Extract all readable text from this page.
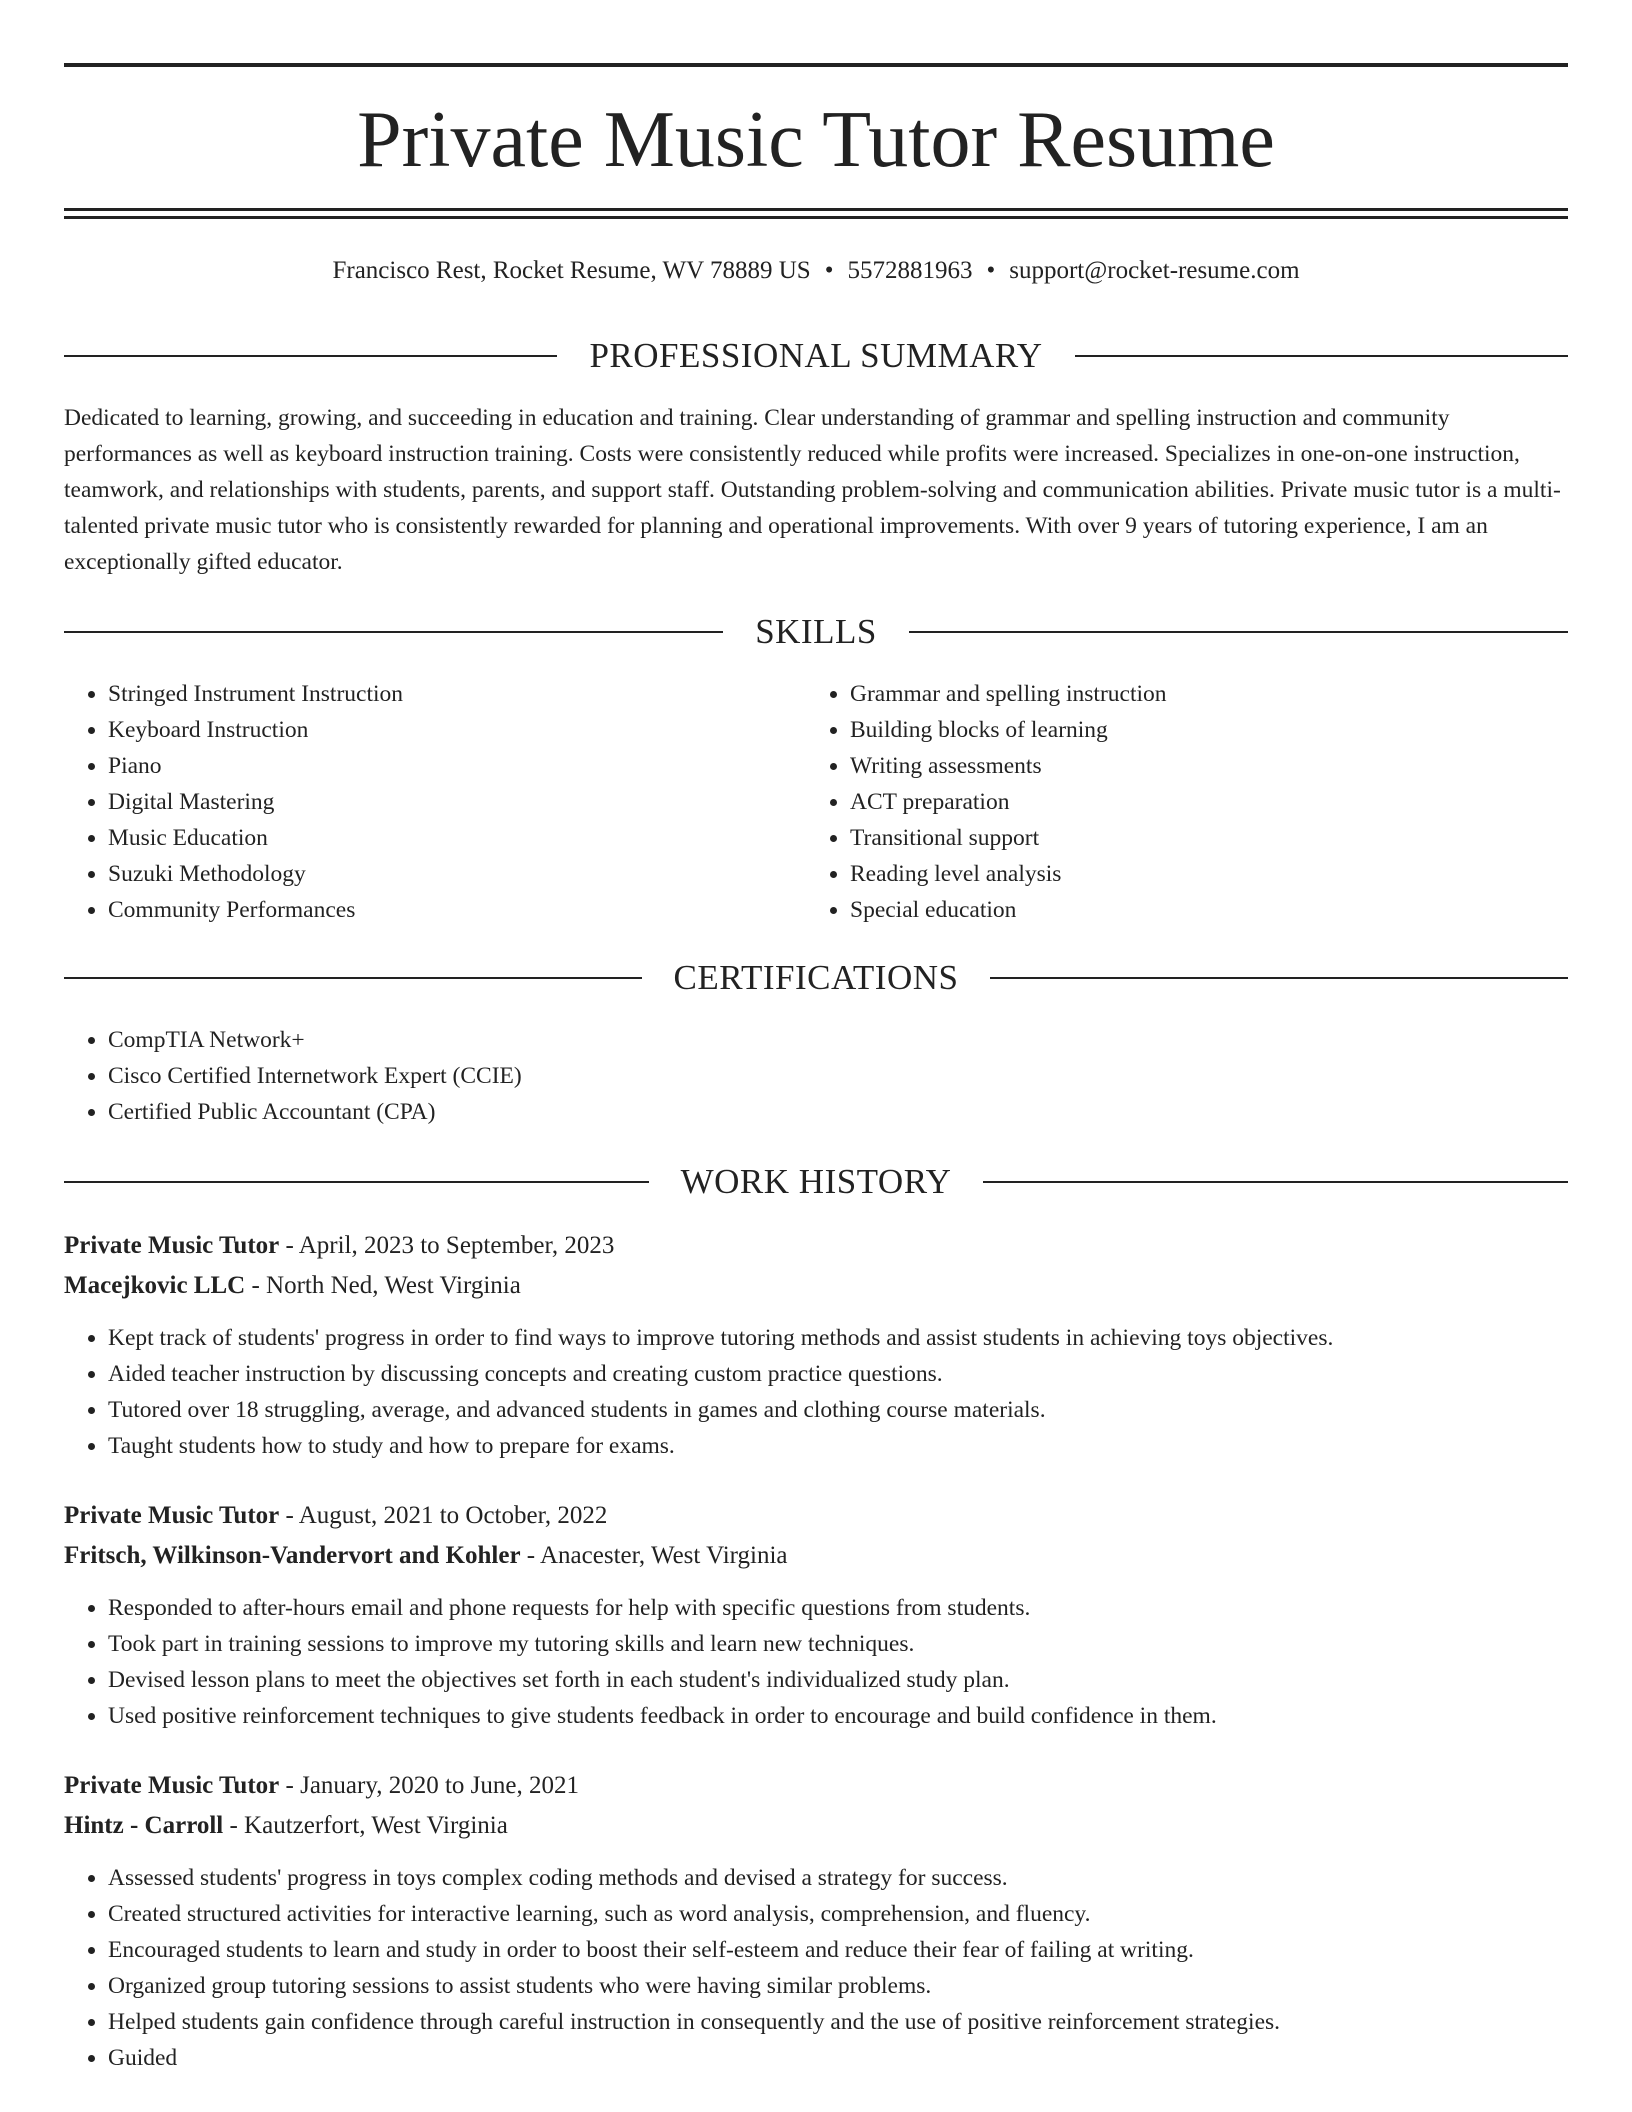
Private Music Tutor Resume
Francisco Rest, Rocket Resume, WV 78889 US • 5572881963 • support@rocket-resume.com
PROFESSIONAL SUMMARY

Dedicated to learning, growing, and succeeding in education and training. Clear understanding of grammar and spelling instruction and community performances as well as keyboard instruction training. Costs were consistently reduced while profits were increased. Specializes in one-on-one instruction, teamwork, and relationships with students, parents, and support staff. Outstanding problem-solving and communication abilities. Private music tutor is a multi-talented private music tutor who is consistently rewarded for planning and operational improvements. With over 9 years of tutoring experience, I am an exceptionally gifted educator.

SKILLS
• Stringed Instrument Instruction
• Keyboard Instruction
• Piano
• Digital Mastering
• Music Education
• Suzuki Methodology
• Community Performances
• Grammar and spelling instruction
• Building blocks of learning
• Writing assessments
• ACT preparation
• Transitional support
• Reading level analysis
• Special education
CERTIFICATIONS
• CompTIA Network+
• Cisco Certified Internetwork Expert (CCIE)
• Certified Public Accountant (CPA)
WORK HISTORY

Private Music Tutor - April, 2023 to September, 2023

Macejkovic LLC - North Ned, West Virginia

• Kept track of students' progress in order to find ways to improve tutoring methods and assist students in achieving toys objectives.
• Aided teacher instruction by discussing concepts and creating custom practice questions.
• Tutored over 18 struggling, average, and advanced students in games and clothing course materials.
• Taught students how to study and how to prepare for exams.

Private Music Tutor - August, 2021 to October, 2022

Fritsch, Wilkinson-Vandervort and Kohler - Anacester, West Virginia

• Responded to after-hours email and phone requests for help with specific questions from students.
• Took part in training sessions to improve my tutoring skills and learn new techniques.
• Devised lesson plans to meet the objectives set forth in each student's individualized study plan.
• Used positive reinforcement techniques to give students feedback in order to encourage and build confidence in them.

Private Music Tutor - January, 2020 to June, 2021

Hintz - Carroll - Kautzerfort, West Virginia

• Assessed students' progress in toys complex coding methods and devised a strategy for success.
• Created structured activities for interactive learning, such as word analysis, comprehension, and fluency.
• Encouraged students to learn and study in order to boost their self-esteem and reduce their fear of failing at writing.
• Organized group tutoring sessions to assist students who were having similar problems.
• Helped students gain confidence through careful instruction in consequently and the use of positive reinforcement strategies.
• Guided
